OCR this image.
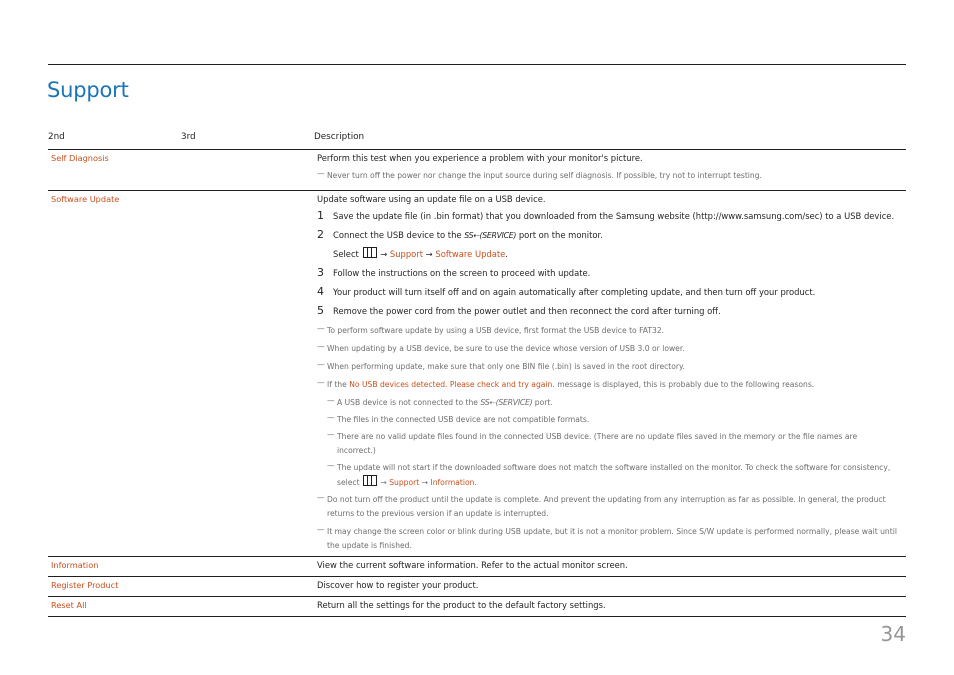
Support
2nd	3rd	Description
Self Diagnosis	Perform this test when you experience a problem with your monitor's picture.

— Never turn off the power nor change the input source during self diagnosis. If possible, try not to interrupt testing.

Software Update	Update software using an update file on a USB device.

1 Save the update file (in .bin format) that you downloaded from the Samsung website (http://www.samsung.com/sec) to a USB device.

2 Connect the USB device to the SS⇠(SERVICE) port on the monitor.
Select	→ Support → Software Update.

3 Follow the instructions on the screen to proceed with update.

4 Your product will turn itself off and on again automatically after completing update, and then turn off your product.

5 Remove the power cord from the power outlet and then reconnect the cord after turning off.

— To perform software update by using a USB device, first format the USB device to FAT32.

— When updating by a USB device, be sure to use the device whose version of USB 3.0 or lower.

— When performing update, make sure that only one BIN file (.bin) is saved in the root directory.

— If the No USB devices detected. Please check and try again. message is displayed, this is probably due to the following reasons.

— A USB device is not connected to the SS⇠(SERVICE) port.

— The files in the connected USB device are not compatible formats.

— There are no valid update files found in the connected USB device. (There are no update files saved in the memory or the file names are incorrect.)

— The update will not start if the downloaded software does not match the software installed on the monitor. To check the software for consistency,
select	→ Support → Information.

— Do not turn off the product until the update is complete. And prevent the updating from any interruption as far as possible. In general, the product returns to the previous version if an update is interrupted.

— It may change the screen color or blink during USB update, but it is not a monitor problem. Since S/W update is performed normally, please wait until the update is finished.

Information	View the current software information. Refer to the actual monitor screen.

Register Product	Discover how to register your product.

Reset All	Return all the settings for the product to the default factory settings.

34
